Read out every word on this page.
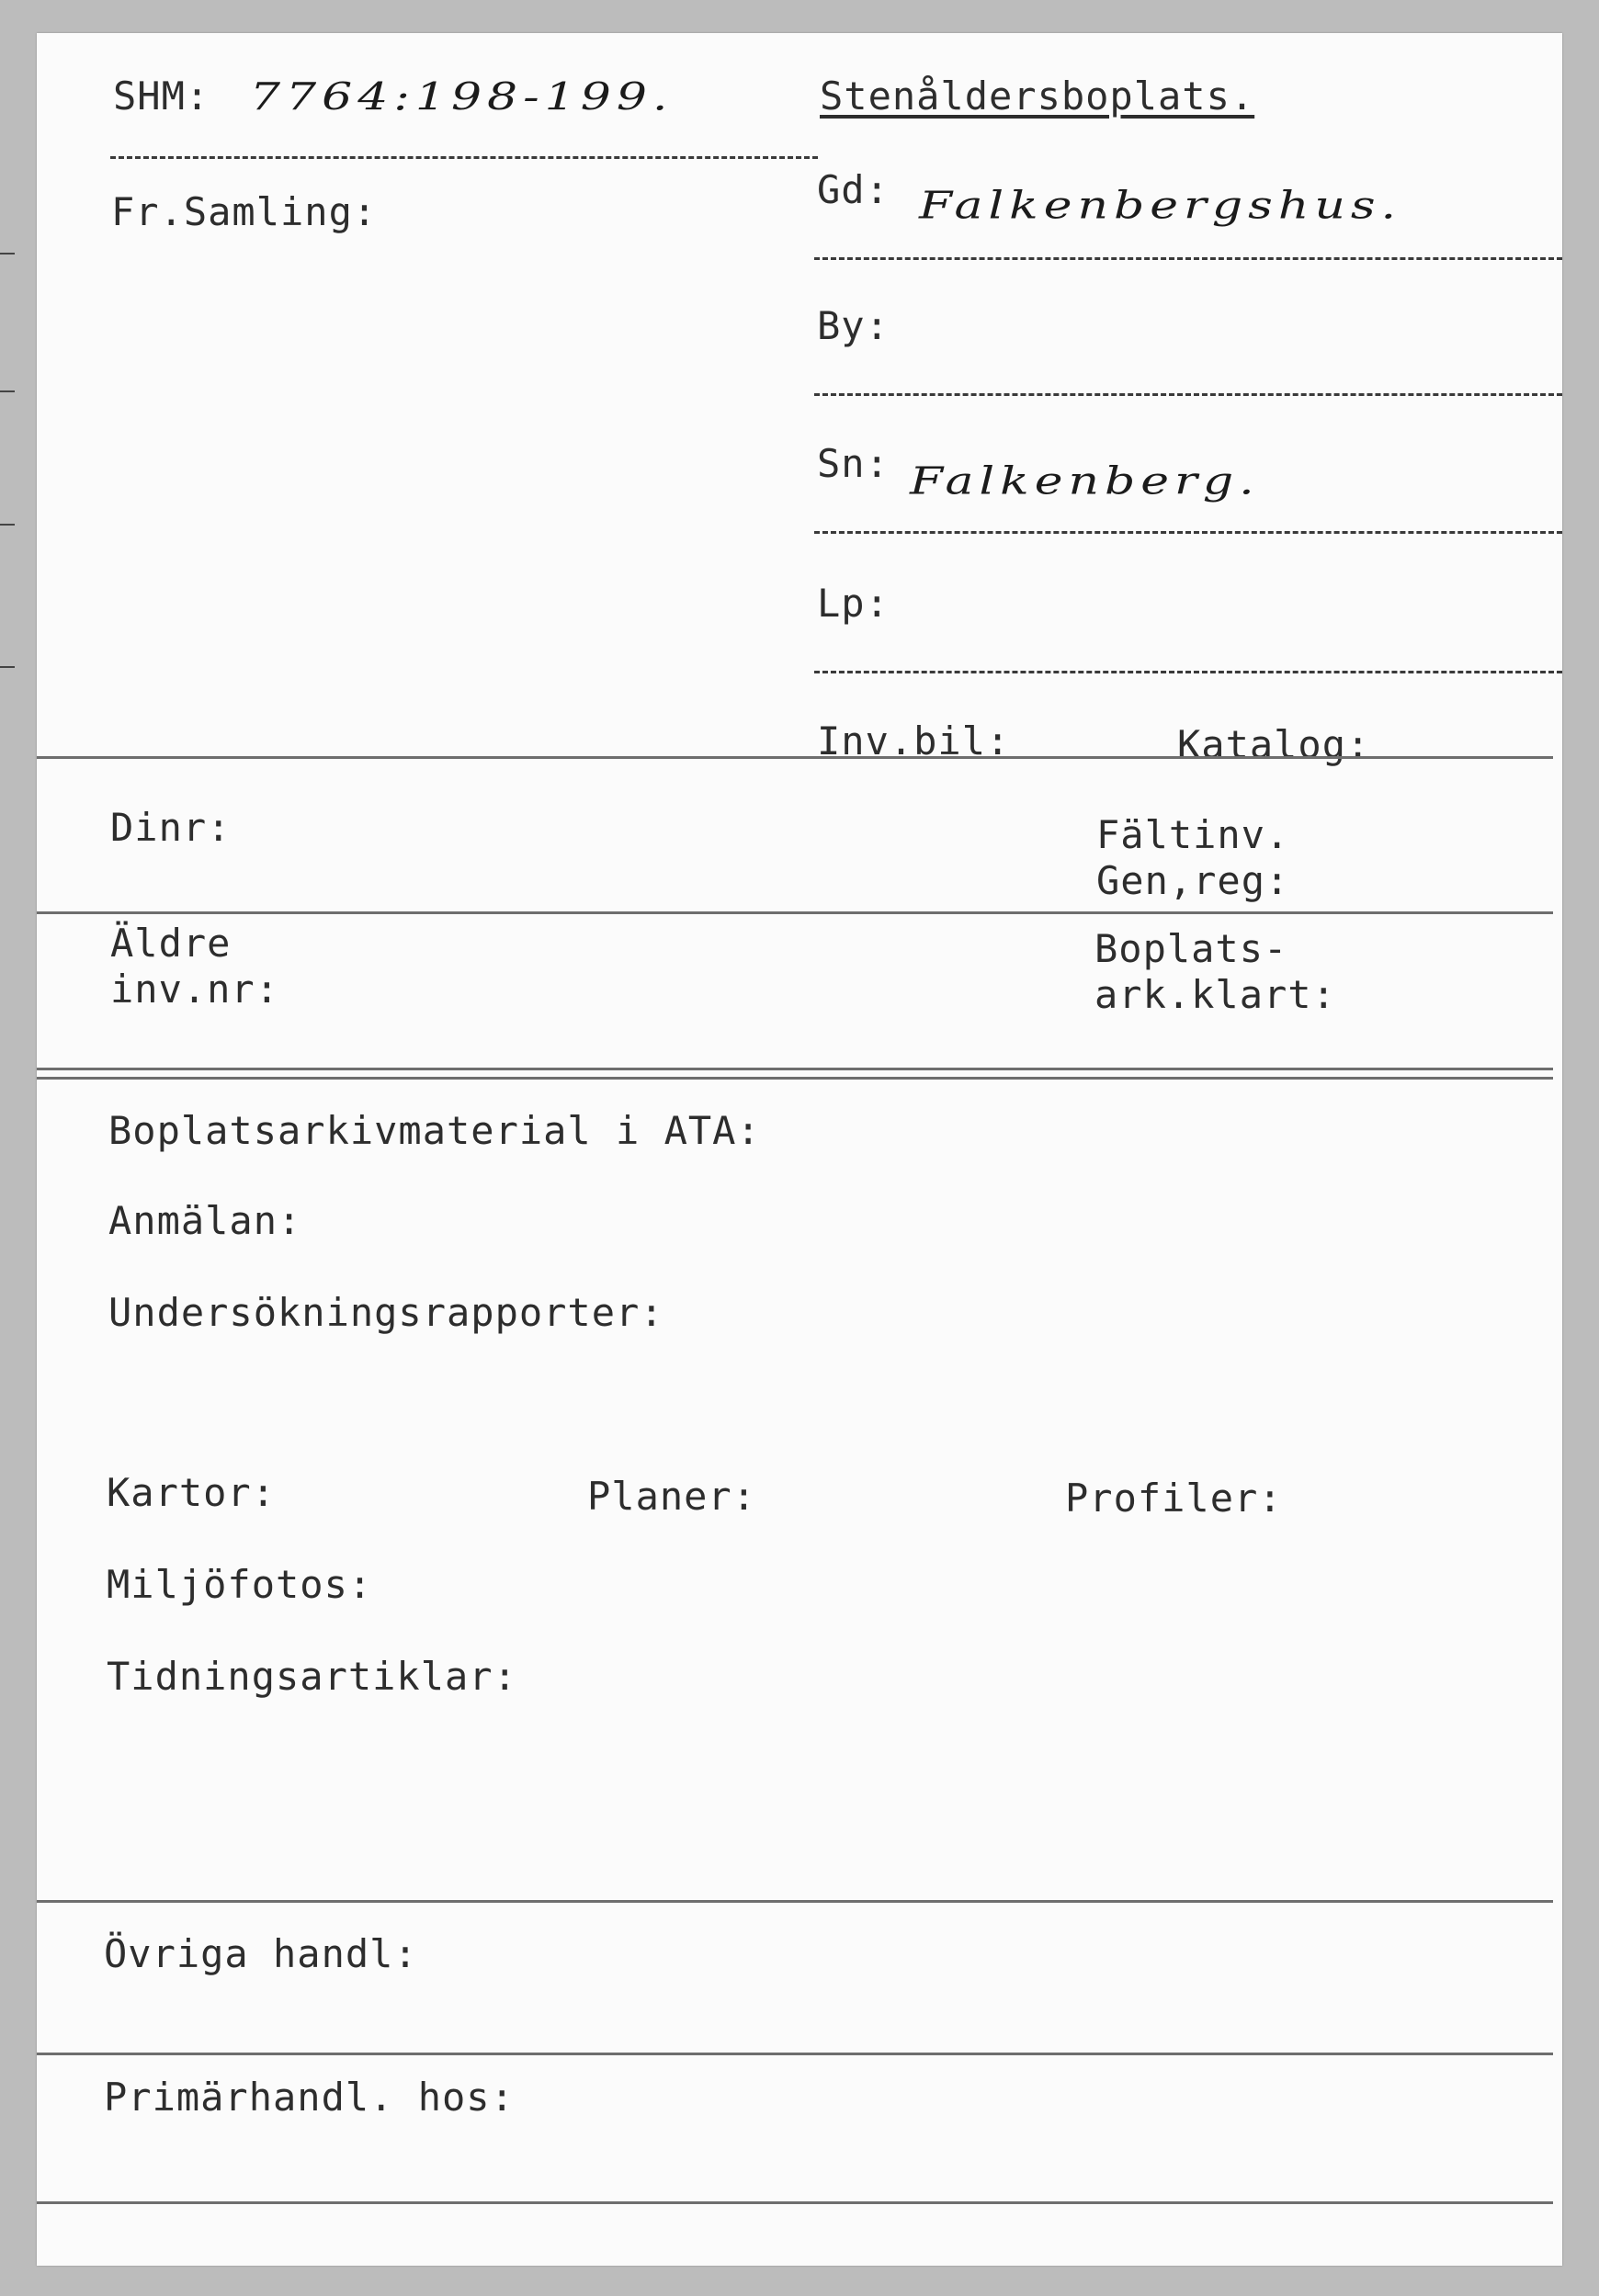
SHM: 7764:198-199.	Stenåldersboplats.
Fr.Samling:	Gd: Falkenbergshus.
By:
Sn: Falkenberg.
Lp:
Inv.bil:	Katalog:
Dinr:	Fältinv.
Gen,reg:
Äldre
inv.nr:
Boplats-
ark.klart:
Boplatsarkivmaterial i ATA:
Anmälan:
Undersökningsrapporter:
Kartor:	Planer:	Profiler:
Miljöfotos:
Tidningsartiklar:
Övriga handl:
Primärhandl. hos:
